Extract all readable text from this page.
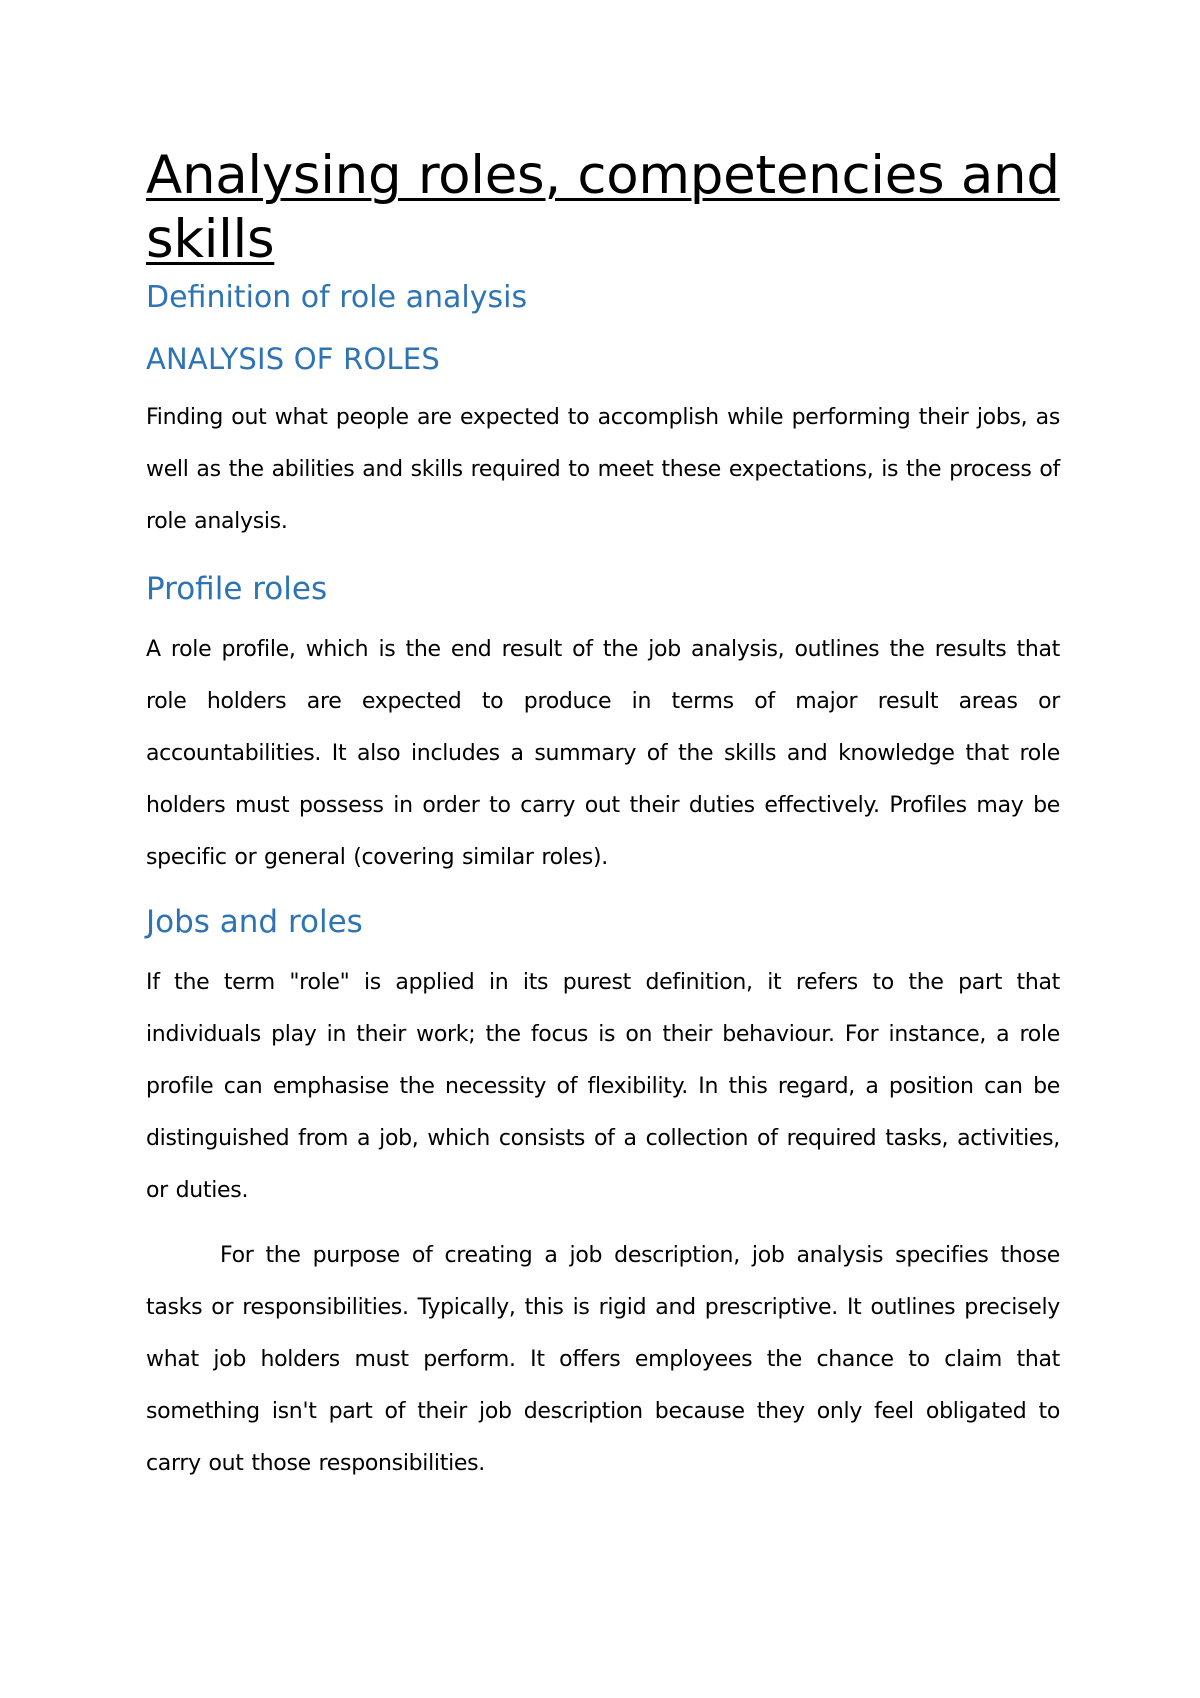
Analysing roles, competencies and skills
Definition of role analysis
ANALYSIS OF ROLES

Finding out what people are expected to accomplish while performing their jobs, as well as the abilities and skills required to meet these expectations, is the process of role analysis.

Profile roles

A role profile, which is the end result of the job analysis, outlines the results that role holders are expected to produce in terms of major result areas or accountabilities. It also includes a summary of the skills and knowledge that role holders must possess in order to carry out their duties effectively. Profiles may be specific or general (covering similar roles).

Jobs and roles

If the term "role" is applied in its purest definition, it refers to the part that individuals play in their work; the focus is on their behaviour. For instance, a role profile can emphasise the necessity of flexibility. In this regard, a position can be distinguished from a job, which consists of a collection of required tasks, activities, or duties.

For the purpose of creating a job description, job analysis specifies those tasks or responsibilities. Typically, this is rigid and prescriptive. It outlines precisely what job holders must perform. It offers employees the chance to claim that something isn't part of their job description because they only feel obligated to carry out those responsibilities.
